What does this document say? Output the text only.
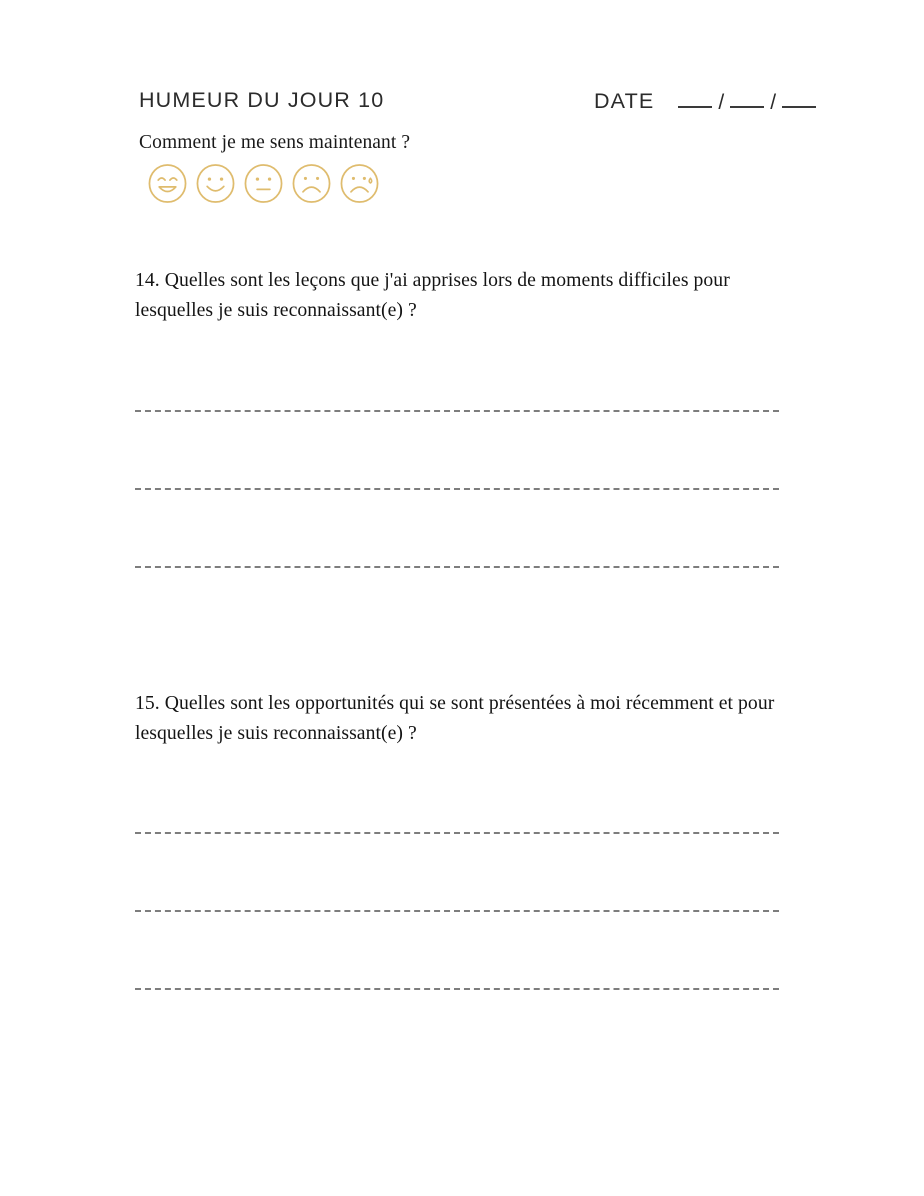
HUMEUR DU JOUR 10	DATE	/ /
Comment je me sens maintenant ?
14. Quelles sont les leçons que j'ai apprises lors de moments difficiles pour lesquelles je suis reconnaissant(e) ?
15. Quelles sont les opportunités qui se sont présentées à moi récemment et pour lesquelles je suis reconnaissant(e) ?
